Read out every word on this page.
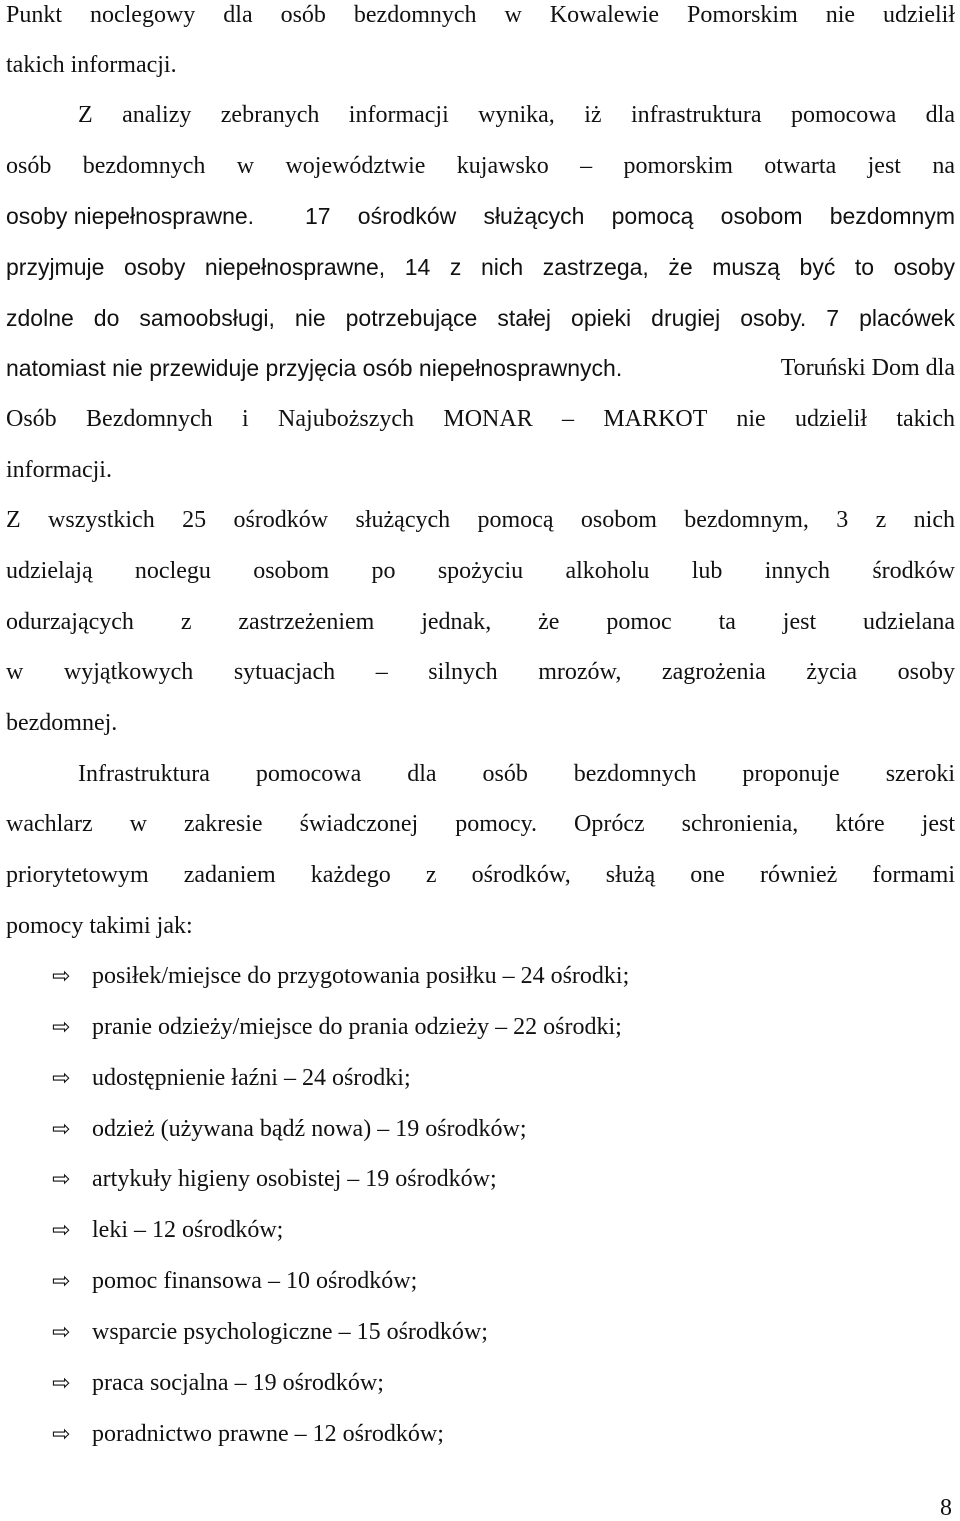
Punkt noclegowy dla osób bezdomnych w Kowalewie Pomorskim nie udzielił
takich informacji.
Z analizy zebranych informacji wynika, iż infrastruktura pomocowa dla
osób bezdomnych w województwie kujawsko – pomorskim otwarta jest na
osoby niepełnosprawne. 17 ośrodków służących pomocą osobom bezdomnym
przyjmuje osoby niepełnosprawne, 14 z nich zastrzega, że muszą być to osoby
zdolne do samoobsługi, nie potrzebujące stałej opieki drugiej osoby. 7 placówek
natomiast nie przewiduje przyjęcia osób niepełnosprawnych.	Toruński Dom dla
Osób Bezdomnych i Najuboższych MONAR – MARKOT nie udzielił takich
informacji.
Z wszystkich 25 ośrodków służących pomocą osobom bezdomnym, 3 z nich
udzielają noclegu osobom po spożyciu alkoholu lub innych środków
odurzających z zastrzeżeniem jednak, że pomoc ta jest udzielana
w wyjątkowych sytuacjach – silnych mrozów, zagrożenia życia osoby
bezdomnej.
Infrastruktura pomocowa dla osób bezdomnych proponuje szeroki
wachlarz w zakresie świadczonej pomocy. Oprócz schronienia, które jest
priorytetowym zadaniem każdego z ośrodków, służą one również formami
pomocy takimi jak:
⇨ posiłek/miejsce do przygotowania posiłku – 24 ośrodki;
⇨ pranie odzieży/miejsce do prania odzieży – 22 ośrodki;
⇨ udostępnienie łaźni – 24 ośrodki;
⇨ odzież (używana bądź nowa) – 19 ośrodków;
⇨ artykuły higieny osobistej – 19 ośrodków;
⇨ leki – 12 ośrodków;
⇨ pomoc finansowa – 10 ośrodków;
⇨ wsparcie psychologiczne – 15 ośrodków;
⇨ praca socjalna – 19 ośrodków;
⇨ poradnictwo prawne – 12 ośrodków;
8
